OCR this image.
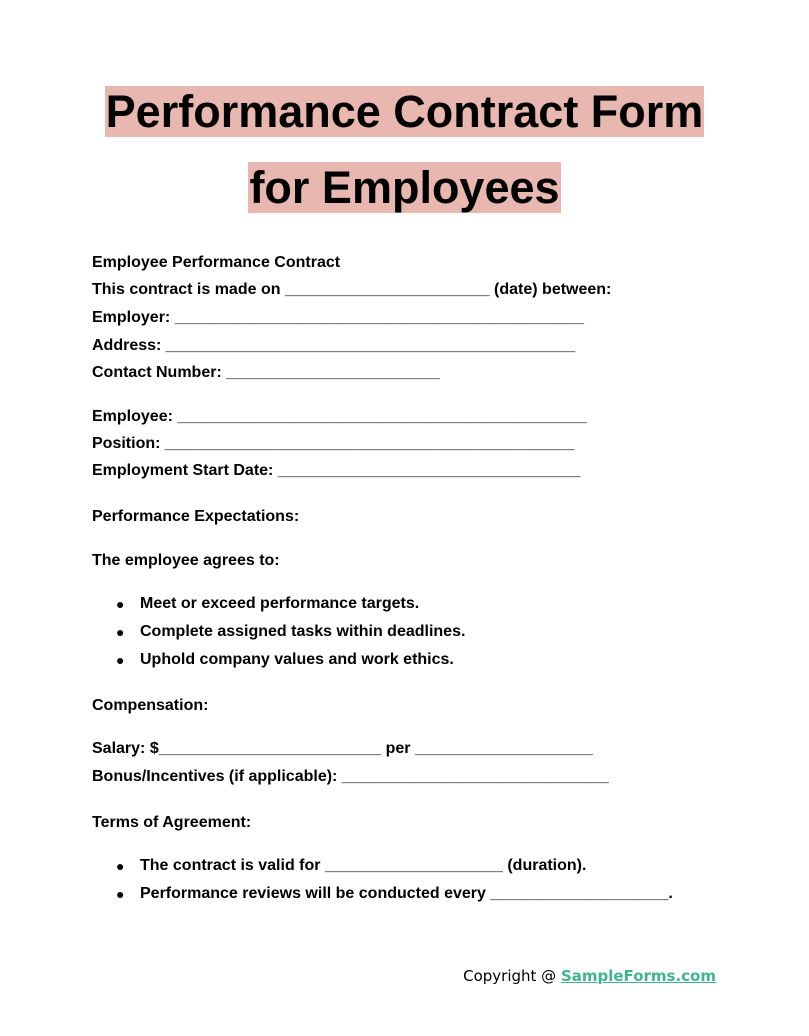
Performance Contract Form
for Employees
Employee Performance Contract
This contract is made on _______________________ (date) between:
Employer: ______________________________________________
Address: ______________________________________________
Contact Number: ________________________
Employee: ______________________________________________
Position: ______________________________________________
Employment Start Date: __________________________________
Performance Expectations:
The employee agrees to:
● Meet or exceed performance targets.
● Complete assigned tasks within deadlines.
● Uphold company values and work ethics.
Compensation:
Salary: $_________________________ per ____________________
Bonus/Incentives (if applicable): ______________________________
Terms of Agreement:
● The contract is valid for ____________________ (duration).
● Performance reviews will be conducted every ____________________.
Copyright @ SampleForms.com
